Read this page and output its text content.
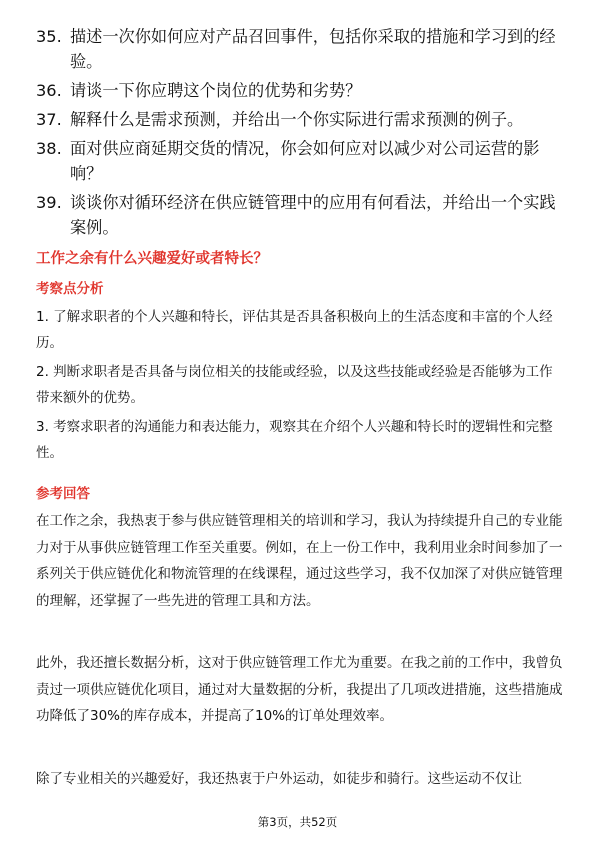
35. 描述一次你如何应对产品召回事件，包括你采取的措施和学习到的经验。
36. 请谈一下你应聘这个岗位的优势和劣势？
37. 解释什么是需求预测，并给出一个你实际进行需求预测的例子。
38. 面对供应商延期交货的情况，你会如何应对以减少对公司运营的影响？
39. 谈谈你对循环经济在供应链管理中的应用有何看法，并给出一个实践案例。
工作之余有什么兴趣爱好或者特长？
考察点分析
1. 了解求职者的个人兴趣和特长，评估其是否具备积极向上的生活态度和丰富的个人经历。
2. 判断求职者是否具备与岗位相关的技能或经验，以及这些技能或经验是否能够为工作带来额外的优势。
3. 考察求职者的沟通能力和表达能力，观察其在介绍个人兴趣和特长时的逻辑性和完整性。
参考回答

在工作之余，我热衷于参与供应链管理相关的培训和学习，我认为持续提升自己的专业能力对于从事供应链管理工作至关重要。例如，在上一份工作中，我利用业余时间参加了一系列关于供应链优化和物流管理的在线课程，通过这些学习，我不仅加深了对供应链管理的理解，还掌握了一些先进的管理工具和方法。

此外，我还擅长数据分析，这对于供应链管理工作尤为重要。在我之前的工作中，我曾负责过一项供应链优化项目，通过对大量数据的分析，我提出了几项改进措施，这些措施成功降低了30%的库存成本，并提高了10%的订单处理效率。

除了专业相关的兴趣爱好，我还热衷于户外运动，如徒步和骑行。这些运动不仅让

第3页，共52页
